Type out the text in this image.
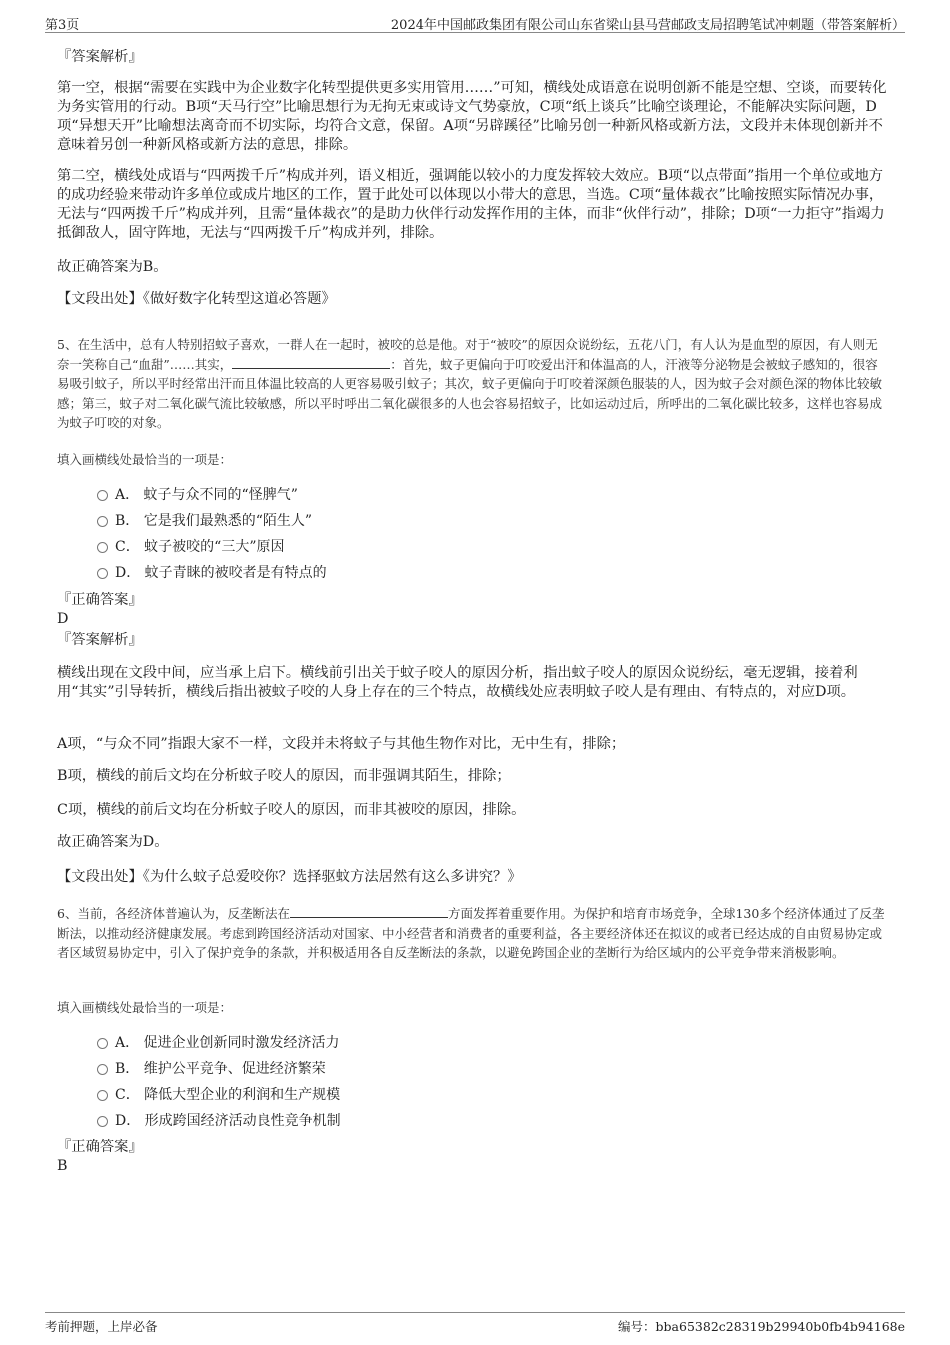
第3页	2024年中国邮政集团有限公司山东省梁山县马营邮政支局招聘笔试冲刺题（带答案解析）
『答案解析』
第一空，根据“需要在实践中为企业数字化转型提供更多实用管用……”可知，横线处成语意在说明创新不能是空想、空谈，而要转化为务实管用的行动。B项“天马行空”比喻思想行为无拘无束或诗文气势豪放，C项“纸上谈兵”比喻空谈理论，不能解决实际问题，D项“异想天开”比喻想法离奇而不切实际，均符合文意，保留。A项“另辟蹊径”比喻另创一种新风格或新方法，文段并未体现创新并不意味着另创一种新风格或新方法的意思，排除。
第二空，横线处成语与“四两拨千斤”构成并列，语义相近，强调能以较小的力度发挥较大效应。B项“以点带面”指用一个单位或地方的成功经验来带动许多单位或成片地区的工作，置于此处可以体现以小带大的意思，当选。C项“量体裁衣”比喻按照实际情况办事，无法与“四两拨千斤”构成并列，且需“量体裁衣”的是助力伙伴行动发挥作用的主体，而非“伙伴行动”，排除；D项“一力拒守”指竭力抵御敌人，固守阵地，无法与“四两拨千斤”构成并列，排除。
故正确答案为B。
【文段出处】《做好数字化转型这道必答题》
5、在生活中，总有人特别招蚊子喜欢，一群人在一起时，被咬的总是他。对于“被咬”的原因众说纷纭，五花八门，有人认为是血型的原因，有人则无奈一笑称自己“血甜”……其实，	：首先，蚊子更偏向于叮咬爱出汗和体温高的人，汗液等分泌物是会被蚊子感知的，很容易吸引蚊子，所以平时经常出汗而且体温比较高的人更容易吸引蚊子；其次，蚊子更偏向于叮咬着深颜色服装的人，因为蚊子会对颜色深的物体比较敏感；第三，蚊子对二氧化碳气流比较敏感，所以平时呼出二氧化碳很多的人也会容易招蚊子，比如运动过后，所呼出的二氧化碳比较多，这样也容易成为蚊子叮咬的对象。
填入画横线处最恰当的一项是：
A． 蚊子与众不同的“怪脾气”
B． 它是我们最熟悉的“陌生人”
C． 蚊子被咬的“三大”原因
D． 蚊子青睐的被咬者是有特点的
『正确答案』
D
『答案解析』
横线出现在文段中间，应当承上启下。横线前引出关于蚊子咬人的原因分析，指出蚊子咬人的原因众说纷纭，毫无逻辑，接着利用“其实”引导转折，横线后指出被蚊子咬的人身上存在的三个特点，故横线处应表明蚊子咬人是有理由、有特点的，对应D项。
A项，“与众不同”指跟大家不一样，文段并未将蚊子与其他生物作对比，无中生有，排除；
B项，横线的前后文均在分析蚊子咬人的原因，而非强调其陌生，排除；
C项，横线的前后文均在分析蚊子咬人的原因，而非其被咬的原因，排除。
故正确答案为D。
【文段出处】《为什么蚊子总爱咬你？选择驱蚊方法居然有这么多讲究？》
6、当前，各经济体普遍认为，反垄断法在	方面发挥着重要作用。为保护和培育市场竞争，全球130多个经济体通过了反垄断法，以推动经济健康发展。考虑到跨国经济活动对国家、中小经营者和消费者的重要利益，各主要经济体还在拟议的或者已经达成的自由贸易协定或者区域贸易协定中，引入了保护竞争的条款，并积极适用各自反垄断法的条款，以避免跨国企业的垄断行为给区域内的公平竞争带来消极影响。
填入画横线处最恰当的一项是：
A． 促进企业创新同时激发经济活力
B． 维护公平竞争、促进经济繁荣
C． 降低大型企业的利润和生产规模
D． 形成跨国经济活动良性竞争机制
『正确答案』
B
考前押题，上岸必备	编号：bba65382c28319b29940b0fb4b94168e
